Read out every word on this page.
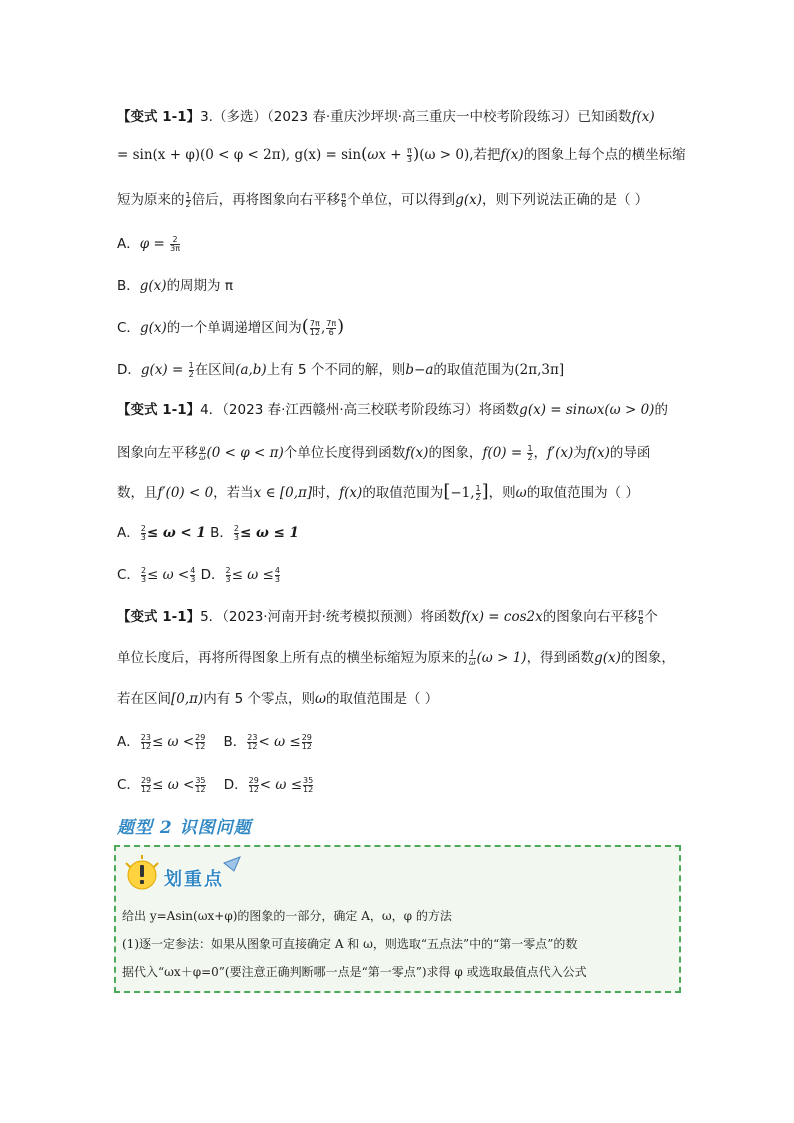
【变式 1-1】3.（多选）（2023 春·重庆沙坪坝·高三重庆一中校考阶段练习）已知函数f(x)
= sin(x + φ)(0 < φ < 2π), $g(x) = \sin(\omega x + \frac{\pi}{3} )(\omega > 0)$,若把f(x)的图象上每个点的横坐标缩
短为原来的 $\frac{1}{2}$ 倍后，再将图象向右平移 $\frac{\pi}{6}$ 个单位，可以得到g(x)，则下列说法正确的是（ ）
A．$\varphi = \frac{2}{3\pi}$
B．g(x)的周期为 π
C．g(x)的一个单调递增区间为( $\frac{7\pi}{12}$ , $\frac{7\pi}{6}$ )
D．$g(x) = \frac{1}{2}$ 在区间(a,b)上有 5 个不同的解，则b−a的取值范围为(2π,3π]
【变式 1-1】4．（2023 春·江西赣州·高三校联考阶段练习）将函数g(x) = sinωx(ω > 0)的
图象向左平移 $\frac{\varphi}{\omega} (0 < \varphi < \pi)$个单位长度得到函数f(x)的图象，$f(0) = \frac{1}{2}$ ，f′(x)为f(x)的导函
数，且f′(0) < 0，若当x ∈ [0,π]时，f(x)的取值范围为[−1, $\frac{1}{2}$ ]，则ω的取值范围为（ ）
A． $\frac{2}{3} \le \omega < 1$ B． $\frac{2}{3} \le \omega \le 1$
C． $\frac{2}{3} \le \omega < \frac{4}{3}$ D． $\frac{2}{3} \le \omega \le \frac{4}{3}$
【变式 1-1】5．（2023·河南开封·统考模拟预测）将函数f(x) = cos2x的图象向右平移 $\frac{\pi}{6}$ 个
单位长度后，再将所得图象上所有点的横坐标缩短为原来的 $\frac{1}{\omega} (\omega > 1)$，得到函数g(x)的图象，
若在区间[0,π)内有 5 个零点，则ω的取值范围是（ ）
A． $\frac{23}{12} \le \omega < \frac{29}{12}$ B． $\frac{23}{12} < \omega \le \frac{29}{12}$
C． $\frac{29}{12} \le \omega < \frac{35}{12}$ D． $\frac{29}{12} < \omega \le \frac{35}{12}$
题型 2 识图问题
划重点
给出 y=Asin(ωx+φ)的图象的一部分，确定 A，ω，φ 的方法
(1)逐一定参法：如果从图象可直接确定 A 和 ω，则选取“五点法”中的“第一零点”的数
据代入“ωx＋φ=0”(要注意正确判断哪一点是“第一零点”)求得 φ 或选取最值点代入公式
